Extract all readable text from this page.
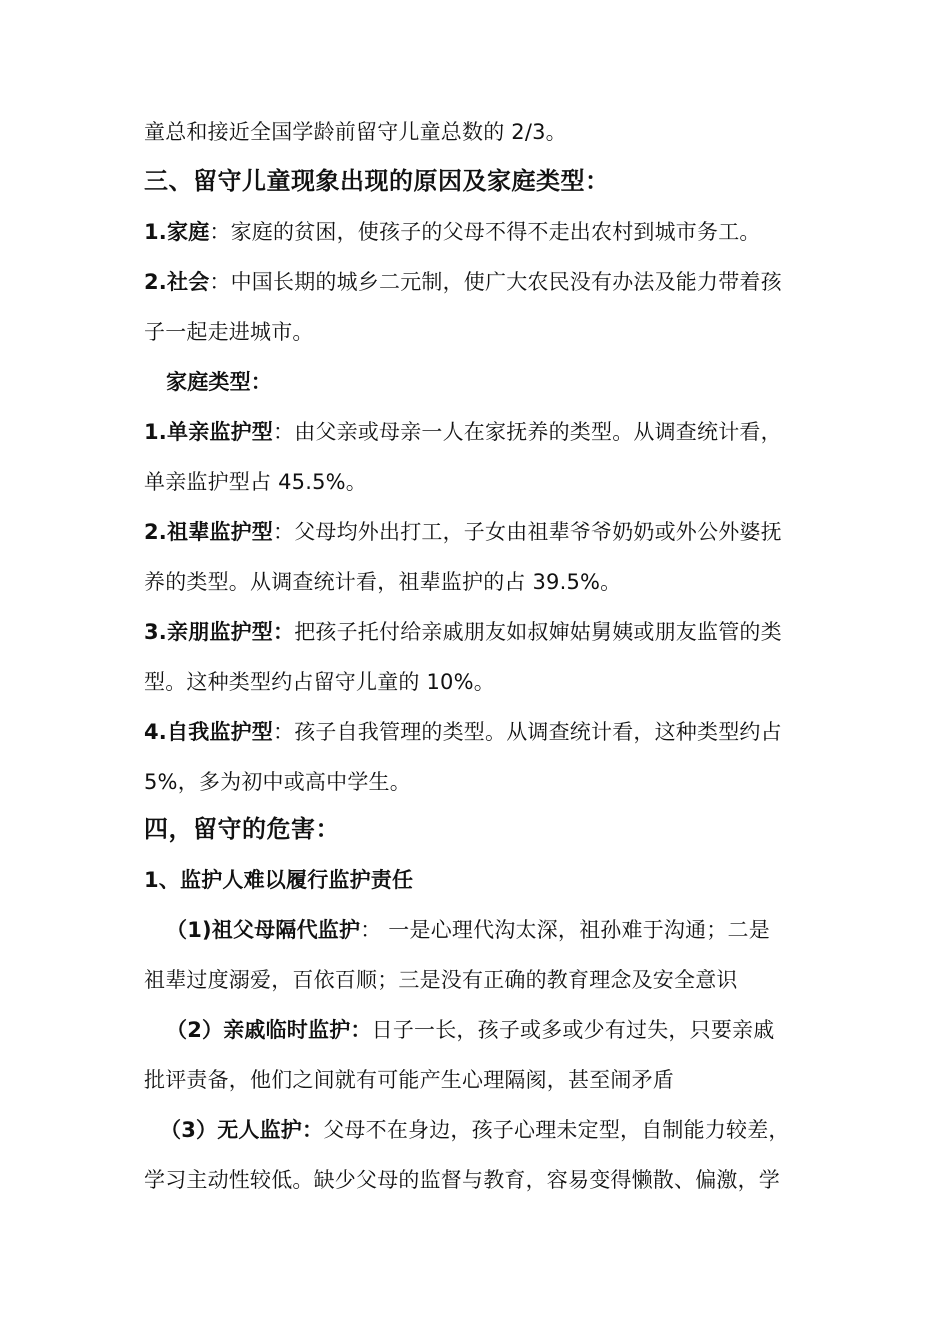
童总和接近全国学龄前留守儿童总数的 2/3。
三、留守儿童现象出现的原因及家庭类型：
1.家庭：家庭的贫困，使孩子的父母不得不走出农村到城市务工。
2.社会：中国长期的城乡二元制，使广大农民没有办法及能力带着孩
子一起走进城市。
家庭类型：
1.单亲监护型：由父亲或母亲一人在家抚养的类型。从调查统计看，
单亲监护型占 45.5%。
2.祖辈监护型：父母均外出打工，子女由祖辈爷爷奶奶或外公外婆抚
养的类型。从调查统计看，祖辈监护的占 39.5%。
3.亲朋监护型：把孩子托付给亲戚朋友如叔婶姑舅姨或朋友监管的类
型。这种类型约占留守儿童的 10%。
4.自我监护型：孩子自我管理的类型。从调查统计看，这种类型约占
5%，多为初中或高中学生。
四，留守的危害：
1、监护人难以履行监护责任
（1)祖父母隔代监护： 一是心理代沟太深，祖孙难于沟通；二是
祖辈过度溺爱，百依百顺；三是没有正确的教育理念及安全意识
（2）亲戚临时监护：日子一长，孩子或多或少有过失，只要亲戚
批评责备，他们之间就有可能产生心理隔阂，甚至闹矛盾
（3）无人监护：父母不在身边，孩子心理未定型，自制能力较差，
学习主动性较低。缺少父母的监督与教育，容易变得懒散、偏激，学
